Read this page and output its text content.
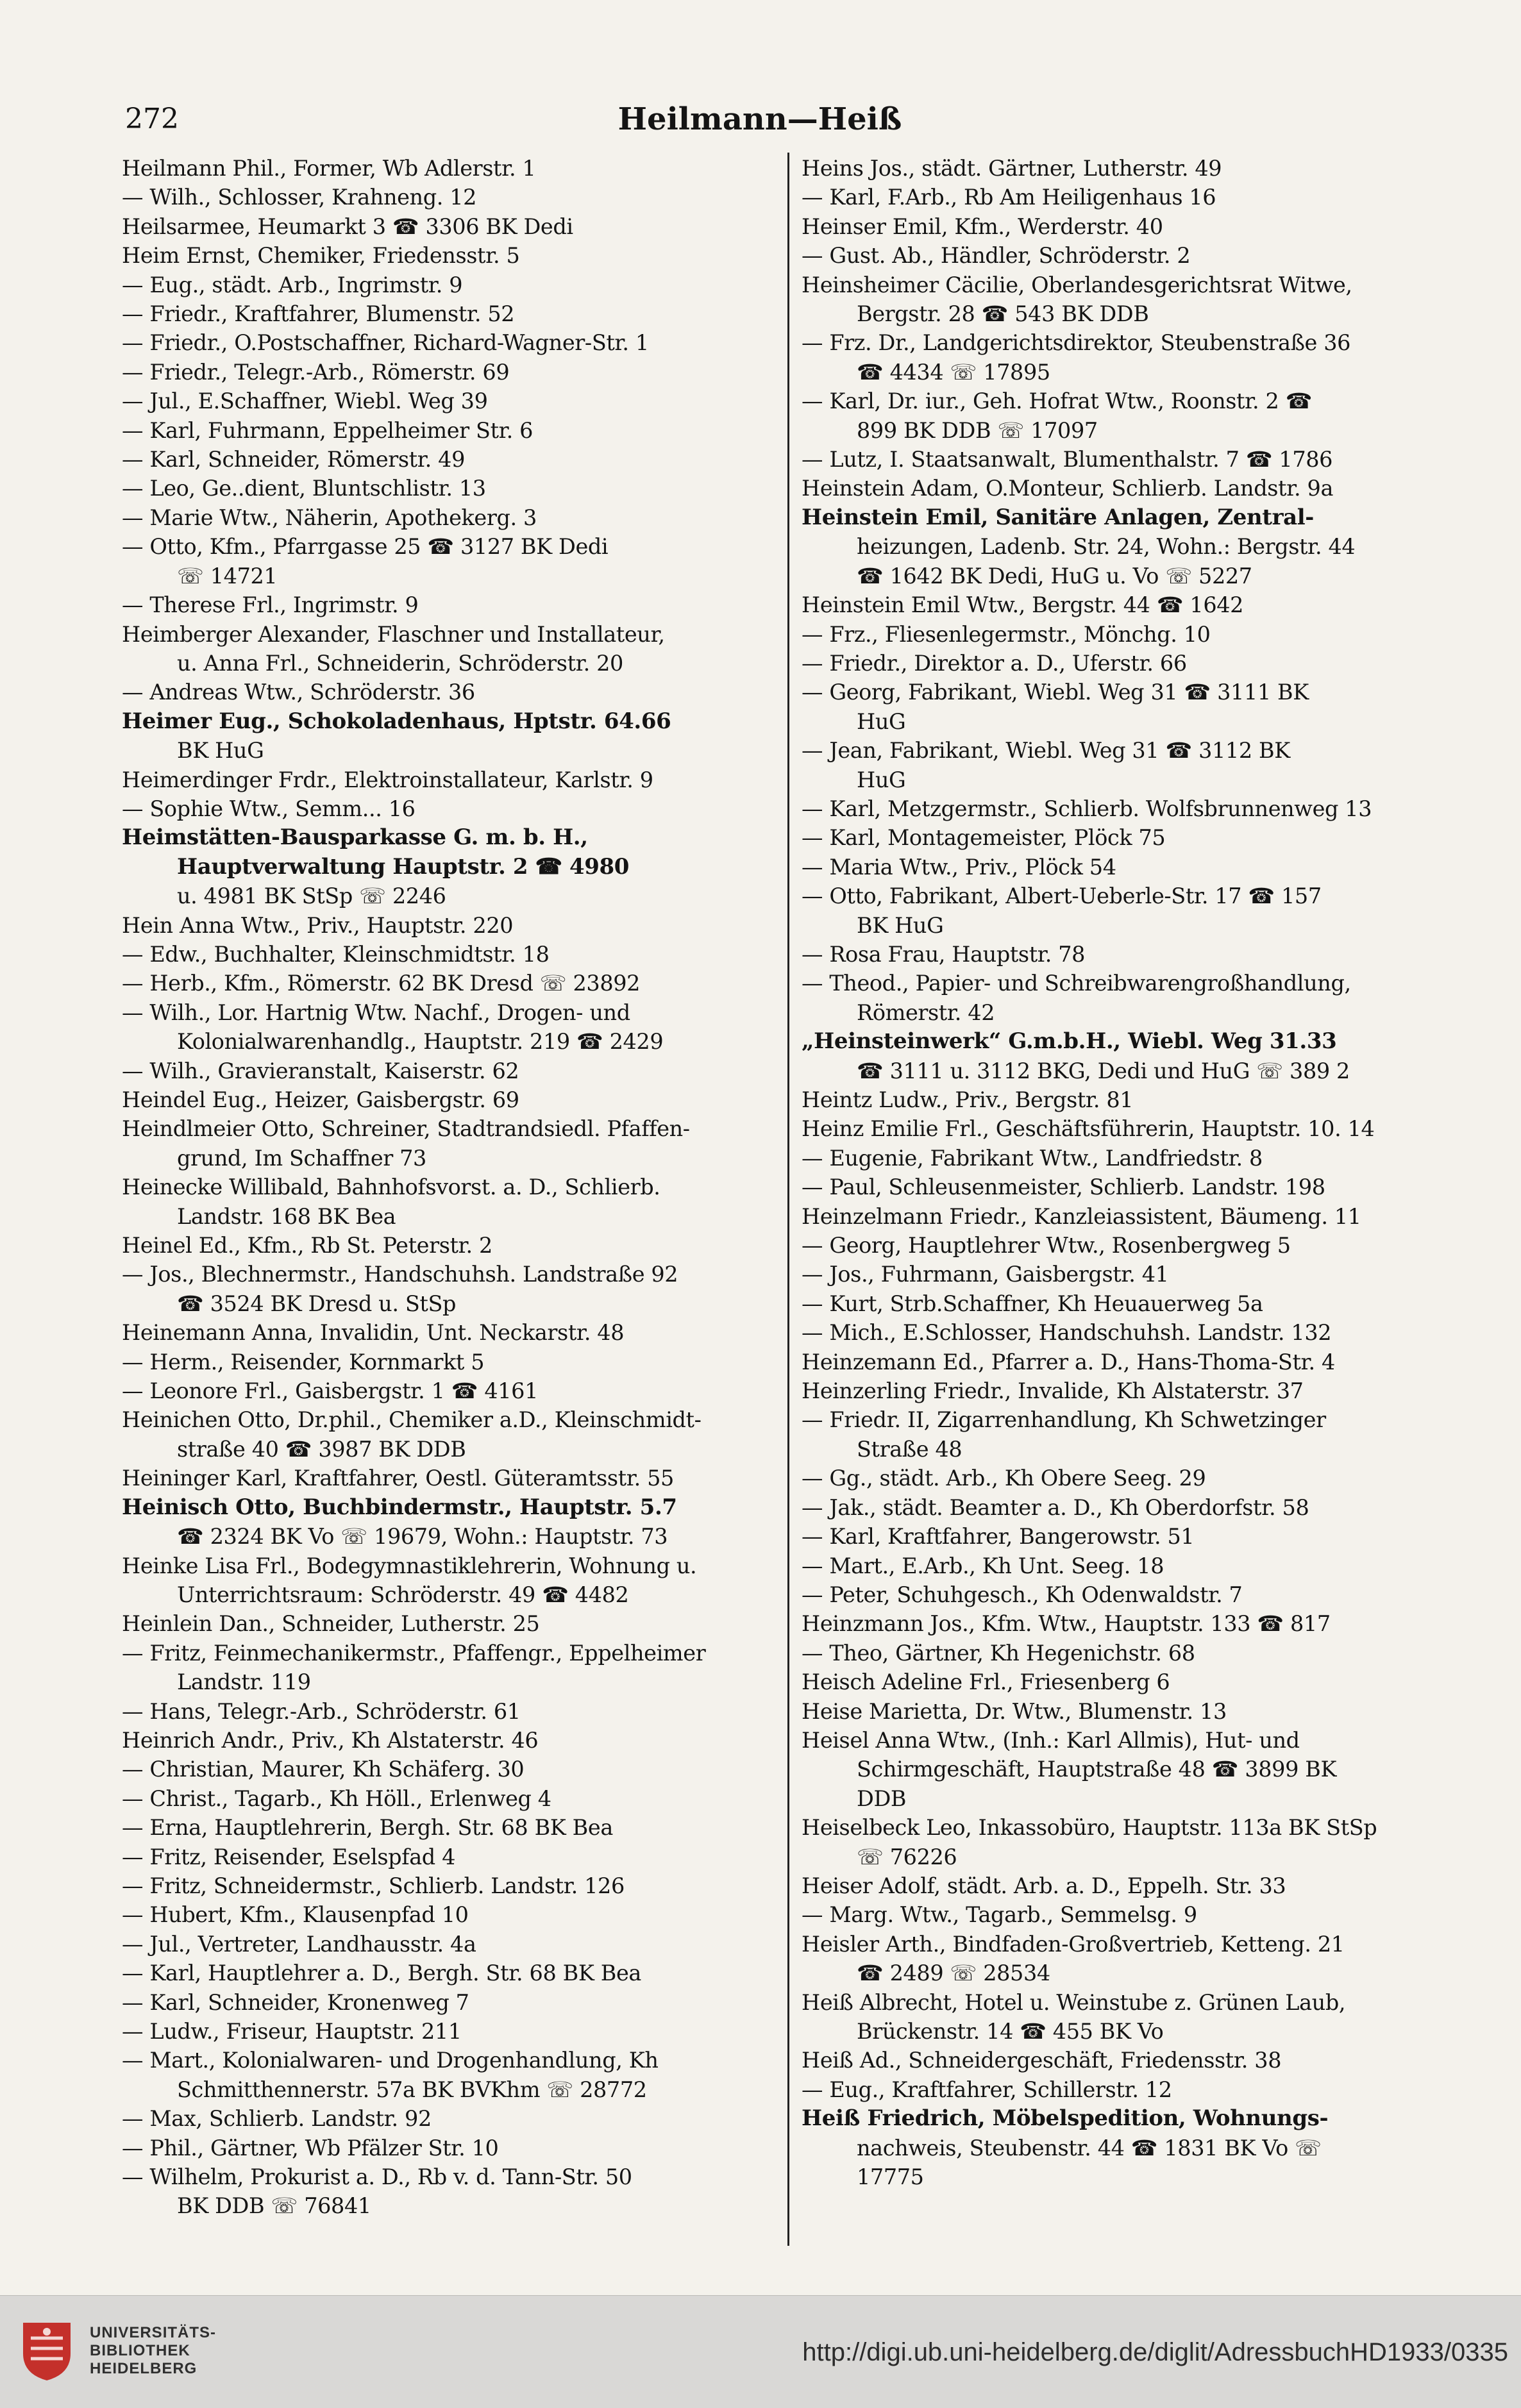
272	Heilmann—Heiß

Heilmann Phil., Former, Wb Adlerstr. 1

— Wilh., Schlosser, Krahneng. 12

Heilsarmee, Heumarkt 3 ☎ 3306 BK Dedi

Heim Ernst, Chemiker, Friedensstr. 5

— Eug., städt. Arb., Ingrimstr. 9

— Friedr., Kraftfahrer, Blumenstr. 52

— Friedr., O.Postschaffner, Richard-Wagner-Str. 1

— Friedr., Telegr.-Arb., Römerstr. 69

— Jul., E.Schaffner, Wiebl. Weg 39

— Karl, Fuhrmann, Eppelheimer Str. 6

— Karl, Schneider, Römerstr. 49

— Leo, Ge..dient, Bluntschlistr. 13

— Marie Wtw., Näherin, Apothekerg. 3

— Otto, Kfm., Pfarrgasse 25 ☎ 3127 BK Dedi

☏ 14721

— Therese Frl., Ingrimstr. 9

Heimberger Alexander, Flaschner und Installateur,

u. Anna Frl., Schneiderin, Schröderstr. 20

— Andreas Wtw., Schröderstr. 36

Heimer Eug., Schokoladenhaus, Hptstr. 64.66

BK HuG

Heimerdinger Frdr., Elektroinstallateur, Karlstr. 9

— Sophie Wtw., Semm... 16

Heimstätten-Bausparkasse G. m. b. H.,

Hauptverwaltung Hauptstr. 2 ☎ 4980

u. 4981 BK StSp ☏ 2246

Hein Anna Wtw., Priv., Hauptstr. 220

— Edw., Buchhalter, Kleinschmidtstr. 18

— Herb., Kfm., Römerstr. 62 BK Dresd ☏ 23892

— Wilh., Lor. Hartnig Wtw. Nachf., Drogen- und

Kolonialwarenhandlg., Hauptstr. 219 ☎ 2429

— Wilh., Gravieranstalt, Kaiserstr. 62

Heindel Eug., Heizer, Gaisbergstr. 69

Heindlmeier Otto, Schreiner, Stadtrandsiedl. Pfaffen-

grund, Im Schaffner 73

Heinecke Willibald, Bahnhofsvorst. a. D., Schlierb.

Landstr. 168 BK Bea

Heinel Ed., Kfm., Rb St. Peterstr. 2

— Jos., Blechnermstr., Handschuhsh. Landstraße 92

☎ 3524 BK Dresd u. StSp

Heinemann Anna, Invalidin, Unt. Neckarstr. 48

— Herm., Reisender, Kornmarkt 5

— Leonore Frl., Gaisbergstr. 1 ☎ 4161

Heinichen Otto, Dr.phil., Chemiker a.D., Kleinschmidt-

straße 40 ☎ 3987 BK DDB

Heininger Karl, Kraftfahrer, Oestl. Güteramtsstr. 55

Heinisch Otto, Buchbindermstr., Hauptstr. 5.7

☎ 2324 BK Vo ☏ 19679, Wohn.: Hauptstr. 73

Heinke Lisa Frl., Bodegymnastiklehrerin, Wohnung u.

Unterrichtsraum: Schröderstr. 49 ☎ 4482

Heinlein Dan., Schneider, Lutherstr. 25

— Fritz, Feinmechanikermstr., Pfaffengr., Eppelheimer

Landstr. 119

— Hans, Telegr.-Arb., Schröderstr. 61

Heinrich Andr., Priv., Kh Alstaterstr. 46

— Christian, Maurer, Kh Schäferg. 30

— Christ., Tagarb., Kh Höll., Erlenweg 4

— Erna, Hauptlehrerin, Bergh. Str. 68 BK Bea

— Fritz, Reisender, Eselspfad 4

— Fritz, Schneidermstr., Schlierb. Landstr. 126

— Hubert, Kfm., Klausenpfad 10

— Jul., Vertreter, Landhausstr. 4a

— Karl, Hauptlehrer a. D., Bergh. Str. 68 BK Bea

— Karl, Schneider, Kronenweg 7

— Ludw., Friseur, Hauptstr. 211

— Mart., Kolonialwaren- und Drogenhandlung, Kh

Schmitthennerstr. 57a BK BVKhm ☏ 28772

— Max, Schlierb. Landstr. 92

— Phil., Gärtner, Wb Pfälzer Str. 10

— Wilhelm, Prokurist a. D., Rb v. d. Tann-Str. 50

BK DDB ☏ 76841

Heins Jos., städt. Gärtner, Lutherstr. 49

— Karl, F.Arb., Rb Am Heiligenhaus 16

Heinser Emil, Kfm., Werderstr. 40

— Gust. Ab., Händler, Schröderstr. 2

Heinsheimer Cäcilie, Oberlandesgerichtsrat Witwe,

Bergstr. 28 ☎ 543 BK DDB

— Frz. Dr., Landgerichtsdirektor, Steubenstraße 36

☎ 4434 ☏ 17895

— Karl, Dr. iur., Geh. Hofrat Wtw., Roonstr. 2 ☎

899 BK DDB ☏ 17097

— Lutz, I. Staatsanwalt, Blumenthalstr. 7 ☎ 1786

Heinstein Adam, O.Monteur, Schlierb. Landstr. 9a

Heinstein Emil, Sanitäre Anlagen, Zentral-

heizungen, Ladenb. Str. 24, Wohn.: Bergstr. 44

☎ 1642 BK Dedi, HuG u. Vo ☏ 5227

Heinstein Emil Wtw., Bergstr. 44 ☎ 1642

— Frz., Fliesenlegermstr., Mönchg. 10

— Friedr., Direktor a. D., Uferstr. 66

— Georg, Fabrikant, Wiebl. Weg 31 ☎ 3111 BK

HuG

— Jean, Fabrikant, Wiebl. Weg 31 ☎ 3112 BK

HuG

— Karl, Metzgermstr., Schlierb. Wolfsbrunnenweg 13

— Karl, Montagemeister, Plöck 75

— Maria Wtw., Priv., Plöck 54

— Otto, Fabrikant, Albert-Ueberle-Str. 17 ☎ 157

BK HuG

— Rosa Frau, Hauptstr. 78

— Theod., Papier- und Schreibwarengroßhandlung,

Römerstr. 42

„Heinsteinwerk“ G.m.b.H., Wiebl. Weg 31.33

☎ 3111 u. 3112 BKG, Dedi und HuG ☏ 389 2

Heintz Ludw., Priv., Bergstr. 81

Heinz Emilie Frl., Geschäftsführerin, Hauptstr. 10. 14

— Eugenie, Fabrikant Wtw., Landfriedstr. 8

— Paul, Schleusenmeister, Schlierb. Landstr. 198

Heinzelmann Friedr., Kanzleiassistent, Bäumeng. 11

— Georg, Hauptlehrer Wtw., Rosenbergweg 5

— Jos., Fuhrmann, Gaisbergstr. 41

— Kurt, Strb.Schaffner, Kh Heuauerweg 5a

— Mich., E.Schlosser, Handschuhsh. Landstr. 132

Heinzemann Ed., Pfarrer a. D., Hans-Thoma-Str. 4

Heinzerling Friedr., Invalide, Kh Alstaterstr. 37

— Friedr. II, Zigarrenhandlung, Kh Schwetzinger

Straße 48

— Gg., städt. Arb., Kh Obere Seeg. 29

— Jak., städt. Beamter a. D., Kh Oberdorfstr. 58

— Karl, Kraftfahrer, Bangerowstr. 51

— Mart., E.Arb., Kh Unt. Seeg. 18

— Peter, Schuhgesch., Kh Odenwaldstr. 7

Heinzmann Jos., Kfm. Wtw., Hauptstr. 133 ☎ 817

— Theo, Gärtner, Kh Hegenichstr. 68

Heisch Adeline Frl., Friesenberg 6

Heise Marietta, Dr. Wtw., Blumenstr. 13

Heisel Anna Wtw., (Inh.: Karl Allmis), Hut- und

Schirmgeschäft, Hauptstraße 48 ☎ 3899 BK

DDB

Heiselbeck Leo, Inkassobüro, Hauptstr. 113a BK StSp

☏ 76226

Heiser Adolf, städt. Arb. a. D., Eppelh. Str. 33

— Marg. Wtw., Tagarb., Semmelsg. 9

Heisler Arth., Bindfaden-Großvertrieb, Ketteng. 21

☎ 2489 ☏ 28534

Heiß Albrecht, Hotel u. Weinstube z. Grünen Laub,

Brückenstr. 14 ☎ 455 BK Vo

Heiß Ad., Schneidergeschäft, Friedensstr. 38

— Eug., Kraftfahrer, Schillerstr. 12

Heiß Friedrich, Möbelspedition, Wohnungs-

nachweis, Steubenstr. 44 ☎ 1831 BK Vo ☏

17775

UNIVERSITÄTS-
BIBLIOTHEK
HEIDELBERG
http://digi.ub.uni-heidelberg.de/diglit/AdressbuchHD1933/0335
